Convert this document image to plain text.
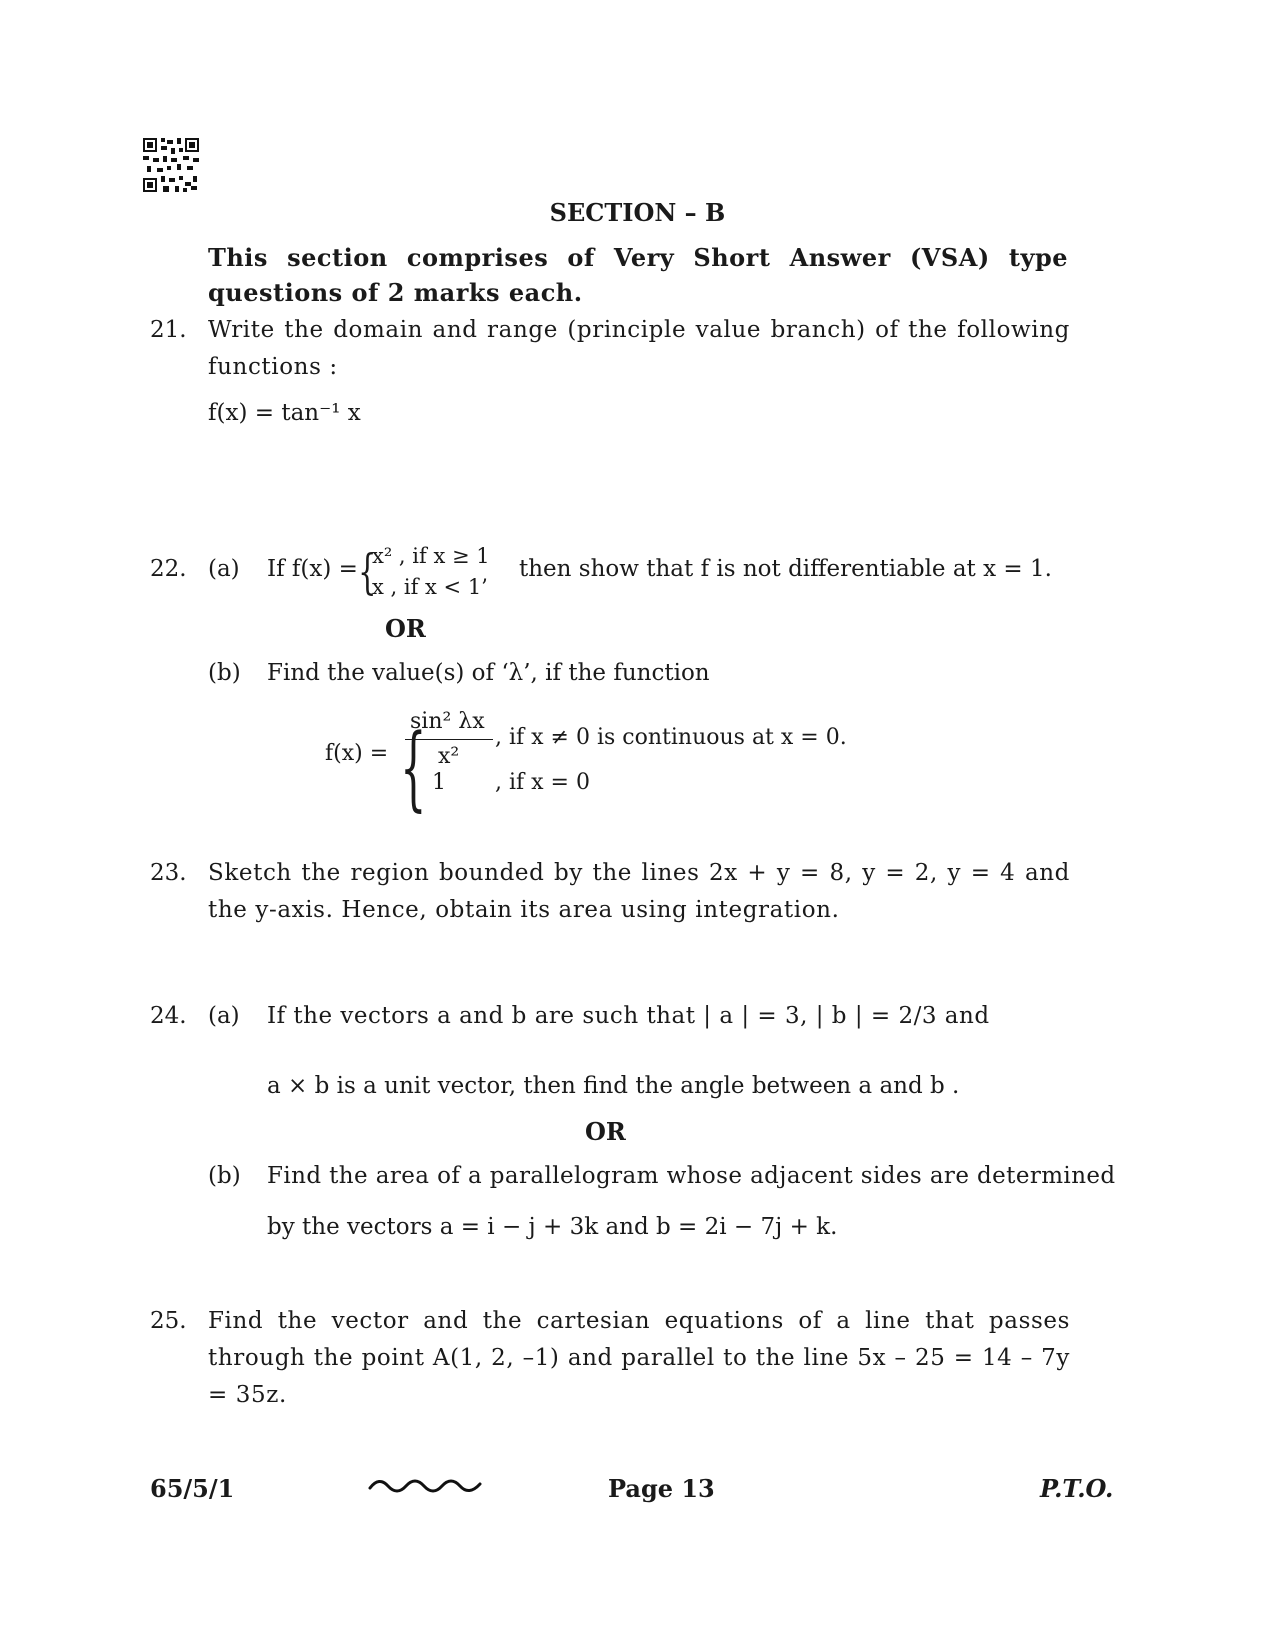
SECTION – B
This section comprises of Very Short Answer (VSA) type questions of 2 marks each.
21. Write the domain and range (principle value branch) of the following functions :
f(x) = tan⁻¹ x
22. (a) If f(x) = {
x² , if x ≥ 1
x , if x < 1’
then show that f is not differentiable at x = 1.
OR
(b) Find the value(s) of ‘λ’, if the function
f(x) = {
sin² λx
x²
, if x ≠ 0 is continuous at x = 0.
1 , if x = 0
23. Sketch the region bounded by the lines 2x + y = 8, y = 2, y = 4 and the y-axis. Hence, obtain its area using integration.
24. (a) If the vectors a and b are such that | a | = 3, | b | = 2/3 and
a × b is a unit vector, then find the angle between a and b .
OR
(b) Find the area of a parallelogram whose adjacent sides are determined
by the vectors a = i − j + 3k and b = 2i − 7j + k.
25. Find the vector and the cartesian equations of a line that passes through the point A(1, 2, –1) and parallel to the line 5x – 25 = 14 – 7y = 35z.
65/5/1	Page 13	P.T.O.
